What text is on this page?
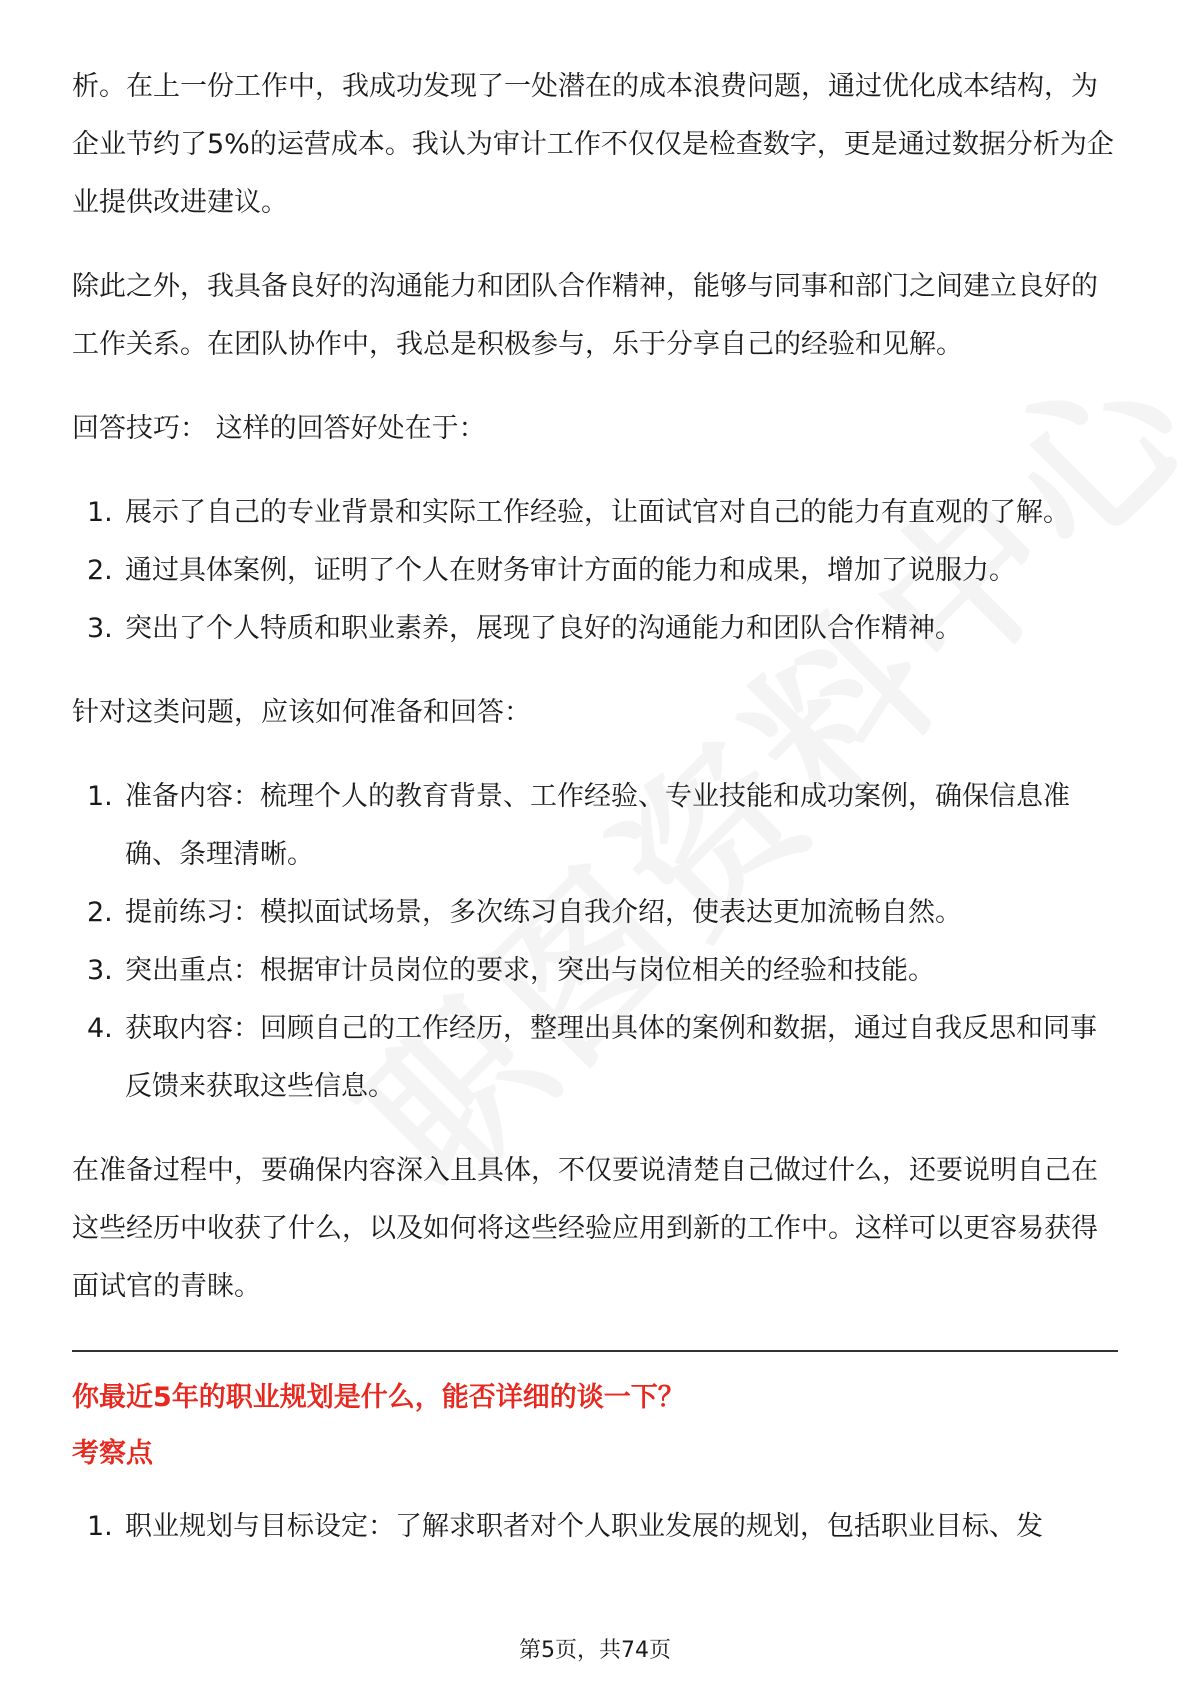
析。在上一份工作中，我成功发现了一处潜在的成本浪费问题，通过优化成本结构，为企业节约了5%的运营成本。我认为审计工作不仅仅是检查数字，更是通过数据分析为企业提供改进建议。

除此之外，我具备良好的沟通能力和团队合作精神，能够与同事和部门之间建立良好的工作关系。在团队协作中，我总是积极参与，乐于分享自己的经验和见解。

回答技巧： 这样的回答好处在于：

1. 展示了自己的专业背景和实际工作经验，让面试官对自己的能力有直观的了解。
2. 通过具体案例，证明了个人在财务审计方面的能力和成果，增加了说服力。
3. 突出了个人特质和职业素养，展现了良好的沟通能力和团队合作精神。

针对这类问题，应该如何准备和回答：

1. 准备内容：梳理个人的教育背景、工作经验、专业技能和成功案例，确保信息准确、条理清晰。
2. 提前练习：模拟面试场景，多次练习自我介绍，使表达更加流畅自然。
3. 突出重点：根据审计员岗位的要求，突出与岗位相关的经验和技能。
4. 获取内容：回顾自己的工作经历，整理出具体的案例和数据，通过自我反思和同事反馈来获取这些信息。

在准备过程中，要确保内容深入且具体，不仅要说清楚自己做过什么，还要说明自己在这些经历中收获了什么，以及如何将这些经验应用到新的工作中。这样可以更容易获得面试官的青睐。

你最近5年的职业规划是什么，能否详细的谈一下？

考察点

1. 职业规划与目标设定：了解求职者对个人职业发展的规划，包括职业目标、发
第5页，共74页
